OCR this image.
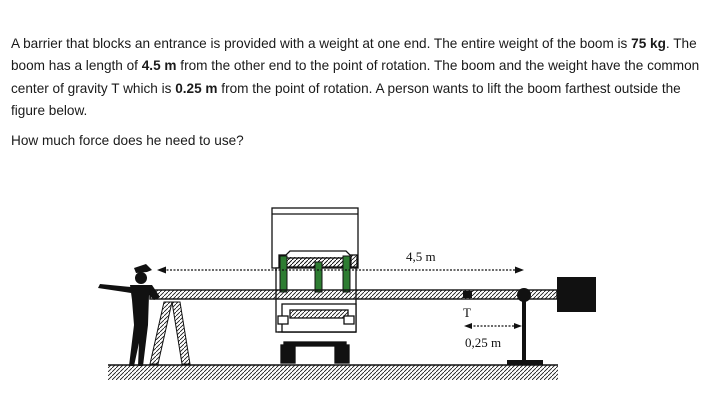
A barrier that blocks an entrance is provided with a weight at one end. The entire weight of the boom is 75 kg. The boom has a length of 4.5 m from the other end to the point of rotation. The boom and the weight have the common center of gravity T which is 0.25 m from the point of rotation. A person wants to lift the boom farthest outside the figure below.

How much force does he need to use?

4,5 m
T
0,25 m
